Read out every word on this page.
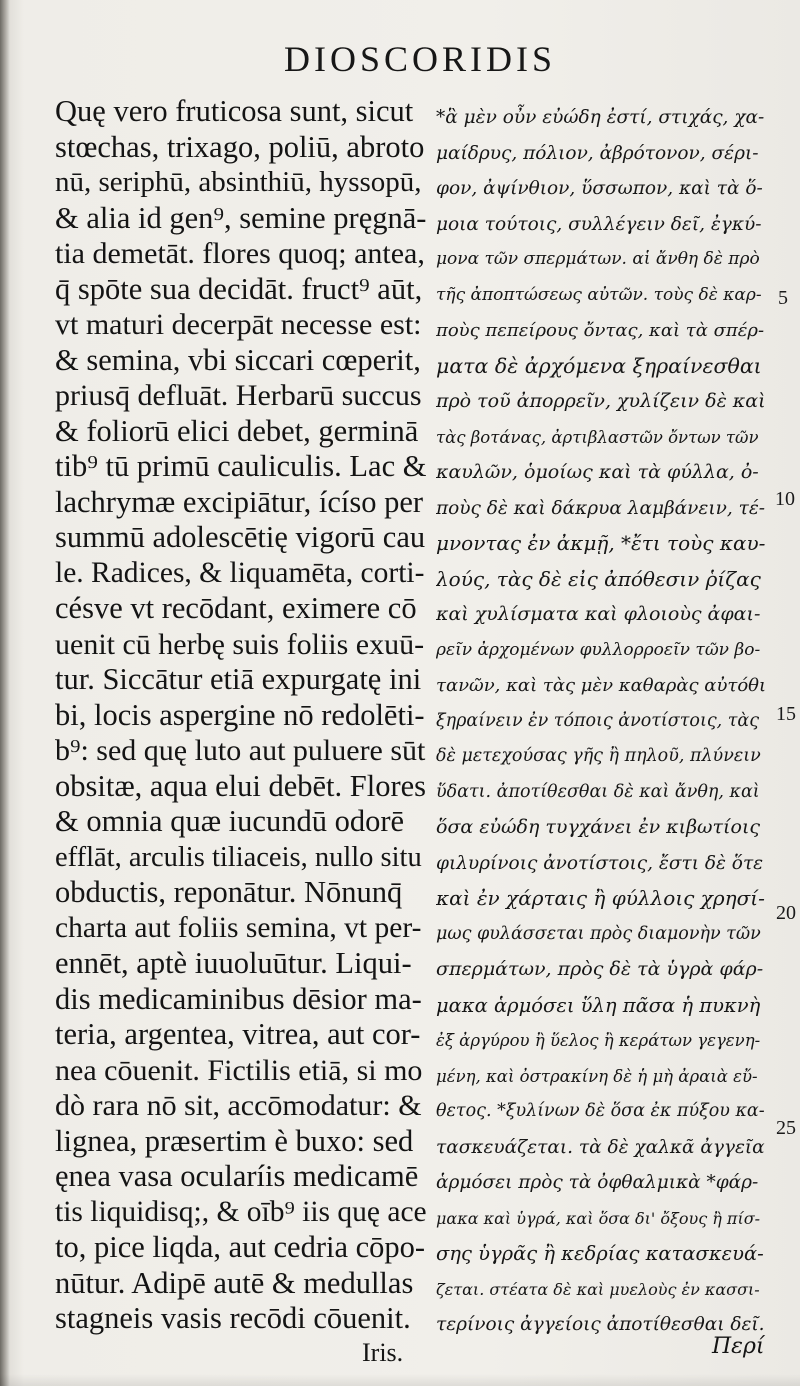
DIOSCORIDIS
Quę vero fruticosa sunt, sicut
stœchas, trixago, poliū, abroto
nū, seriphū, absinthiū, hyssopū,
& alia id gen⁹, semine pręgnā-
tia demetāt. flores quoq; antea,
q̄ spōte sua decidāt. fruct⁹ aūt,
vt maturi decerpāt necesse est:
& semina, vbi siccari cœperit,
priusq̄ defluāt. Herbarū succus
& foliorū elici debet, germinā
tib⁹ tū primū cauliculis. Lac &
lachrymæ excipiātur, ícíso per
summū adolescētię vigorū cau
le. Radices, & liquamēta, corti-
césve vt recōdant, eximere cō
uenit cū herbę suis foliis exuū-
tur. Siccātur etiā expurgatę ini
bi, locis aspergine nō redolēti-
b⁹: sed quę luto aut puluere sūt
obsitæ, aqua elui debēt. Flores
& omnia quæ iucundū odorē
efflāt, arculis tiliaceis, nullo situ
obductis, reponātur. Nōnunq̄
charta aut foliis semina, vt per-
ennēt, aptè iuuoluūtur. Liqui-
dis medicaminibus dēsior ma-
teria, argentea, vitrea, aut cor-
nea cōuenit. Fictilis etiā, si mo
dò rara nō sit, accōmodatur: &
lignea, præsertim è buxo: sed
ęnea vasa ocularíis medicamē
tis liquidisq;, & oīb⁹ iis quę ace
to, pice liqda, aut cedria cōpo-
nūtur. Adipē autē & medullas
stagneis vasis recōdi cōuenit.
*ἃ μὲν οὖν εὐώδη ἐστί, στιχάς, χα-
μαίδρυς, πόλιον, ἀβρότονον, σέρι-
φον, ἀψίνθιον, ὕσσωπον, καὶ τὰ ὅ-
μοια τούτοις, συλλέγειν δεῖ, ἐγκύ-
μονα τῶν σπερμάτων. αἱ ἄνθη δὲ πρὸ
τῆς ἀποπτώσεως αὐτῶν. τοὺς δὲ καρ-
ποὺς πεπείρους ὄντας, καὶ τὰ σπέρ-
ματα δὲ ἀρχόμενα ξηραίνεσθαι
πρὸ τοῦ ἀπορρεῖν, χυλίζειν δὲ καὶ
τὰς βοτάνας, ἀρτιβλαστῶν ὄντων τῶν
καυλῶν, ὁμοίως καὶ τὰ φύλλα, ὀ-
ποὺς δὲ καὶ δάκρυα λαμβάνειν, τέ-
μνοντας ἐν ἀκμῇ, *ἔτι τοὺς καυ-
λούς, τὰς δὲ εἰς ἀπόθεσιν ῥίζας
καὶ χυλίσματα καὶ φλοιοὺς ἀφαι-
ρεῖν ἀρχομένων φυλλορροεῖν τῶν βο-
τανῶν, καὶ τὰς μὲν καθαρὰς αὐτόθι
ξηραίνειν ἐν τόποις ἀνοτίστοις, τὰς
δὲ μετεχούσας γῆς ἢ πηλοῦ, πλύνειν
ὕδατι. ἀποτίθεσθαι δὲ καὶ ἄνθη, καὶ
ὅσα εὐώδη τυγχάνει ἐν κιβωτίοις
φιλυρίνοις ἀνοτίστοις, ἔστι δὲ ὅτε
καὶ ἐν χάρταις ἢ φύλλοις χρησί-
μως φυλάσσεται πρὸς διαμονὴν τῶν
σπερμάτων, πρὸς δὲ τὰ ὑγρὰ φάρ-
μακα ἁρμόσει ὕλη πᾶσα ἡ πυκνὴ
ἐξ ἀργύρου ἢ ὕελος ἢ κεράτων γεγενη-
μένη, καὶ ὀστρακίνη δὲ ἡ μὴ ἀραιὰ εὔ-
θετος. *ξυλίνων δὲ ὅσα ἐκ πύξου κα-
τασκευάζεται. τὰ δὲ χαλκᾶ ἀγγεῖα
ἁρμόσει πρὸς τὰ ὀφθαλμικὰ *φάρ-
μακα καὶ ὑγρά, καὶ ὅσα δι' ὄξους ἢ πίσ-
σης ὑγρᾶς ἢ κεδρίας κατασκευά-
ζεται. στέατα δὲ καὶ μυελοὺς ἐν κασσι-
τερίνοις ἀγγείοις ἀποτίθεσθαι δεῖ.
5
10
15
20
25
Iris.	Περί
